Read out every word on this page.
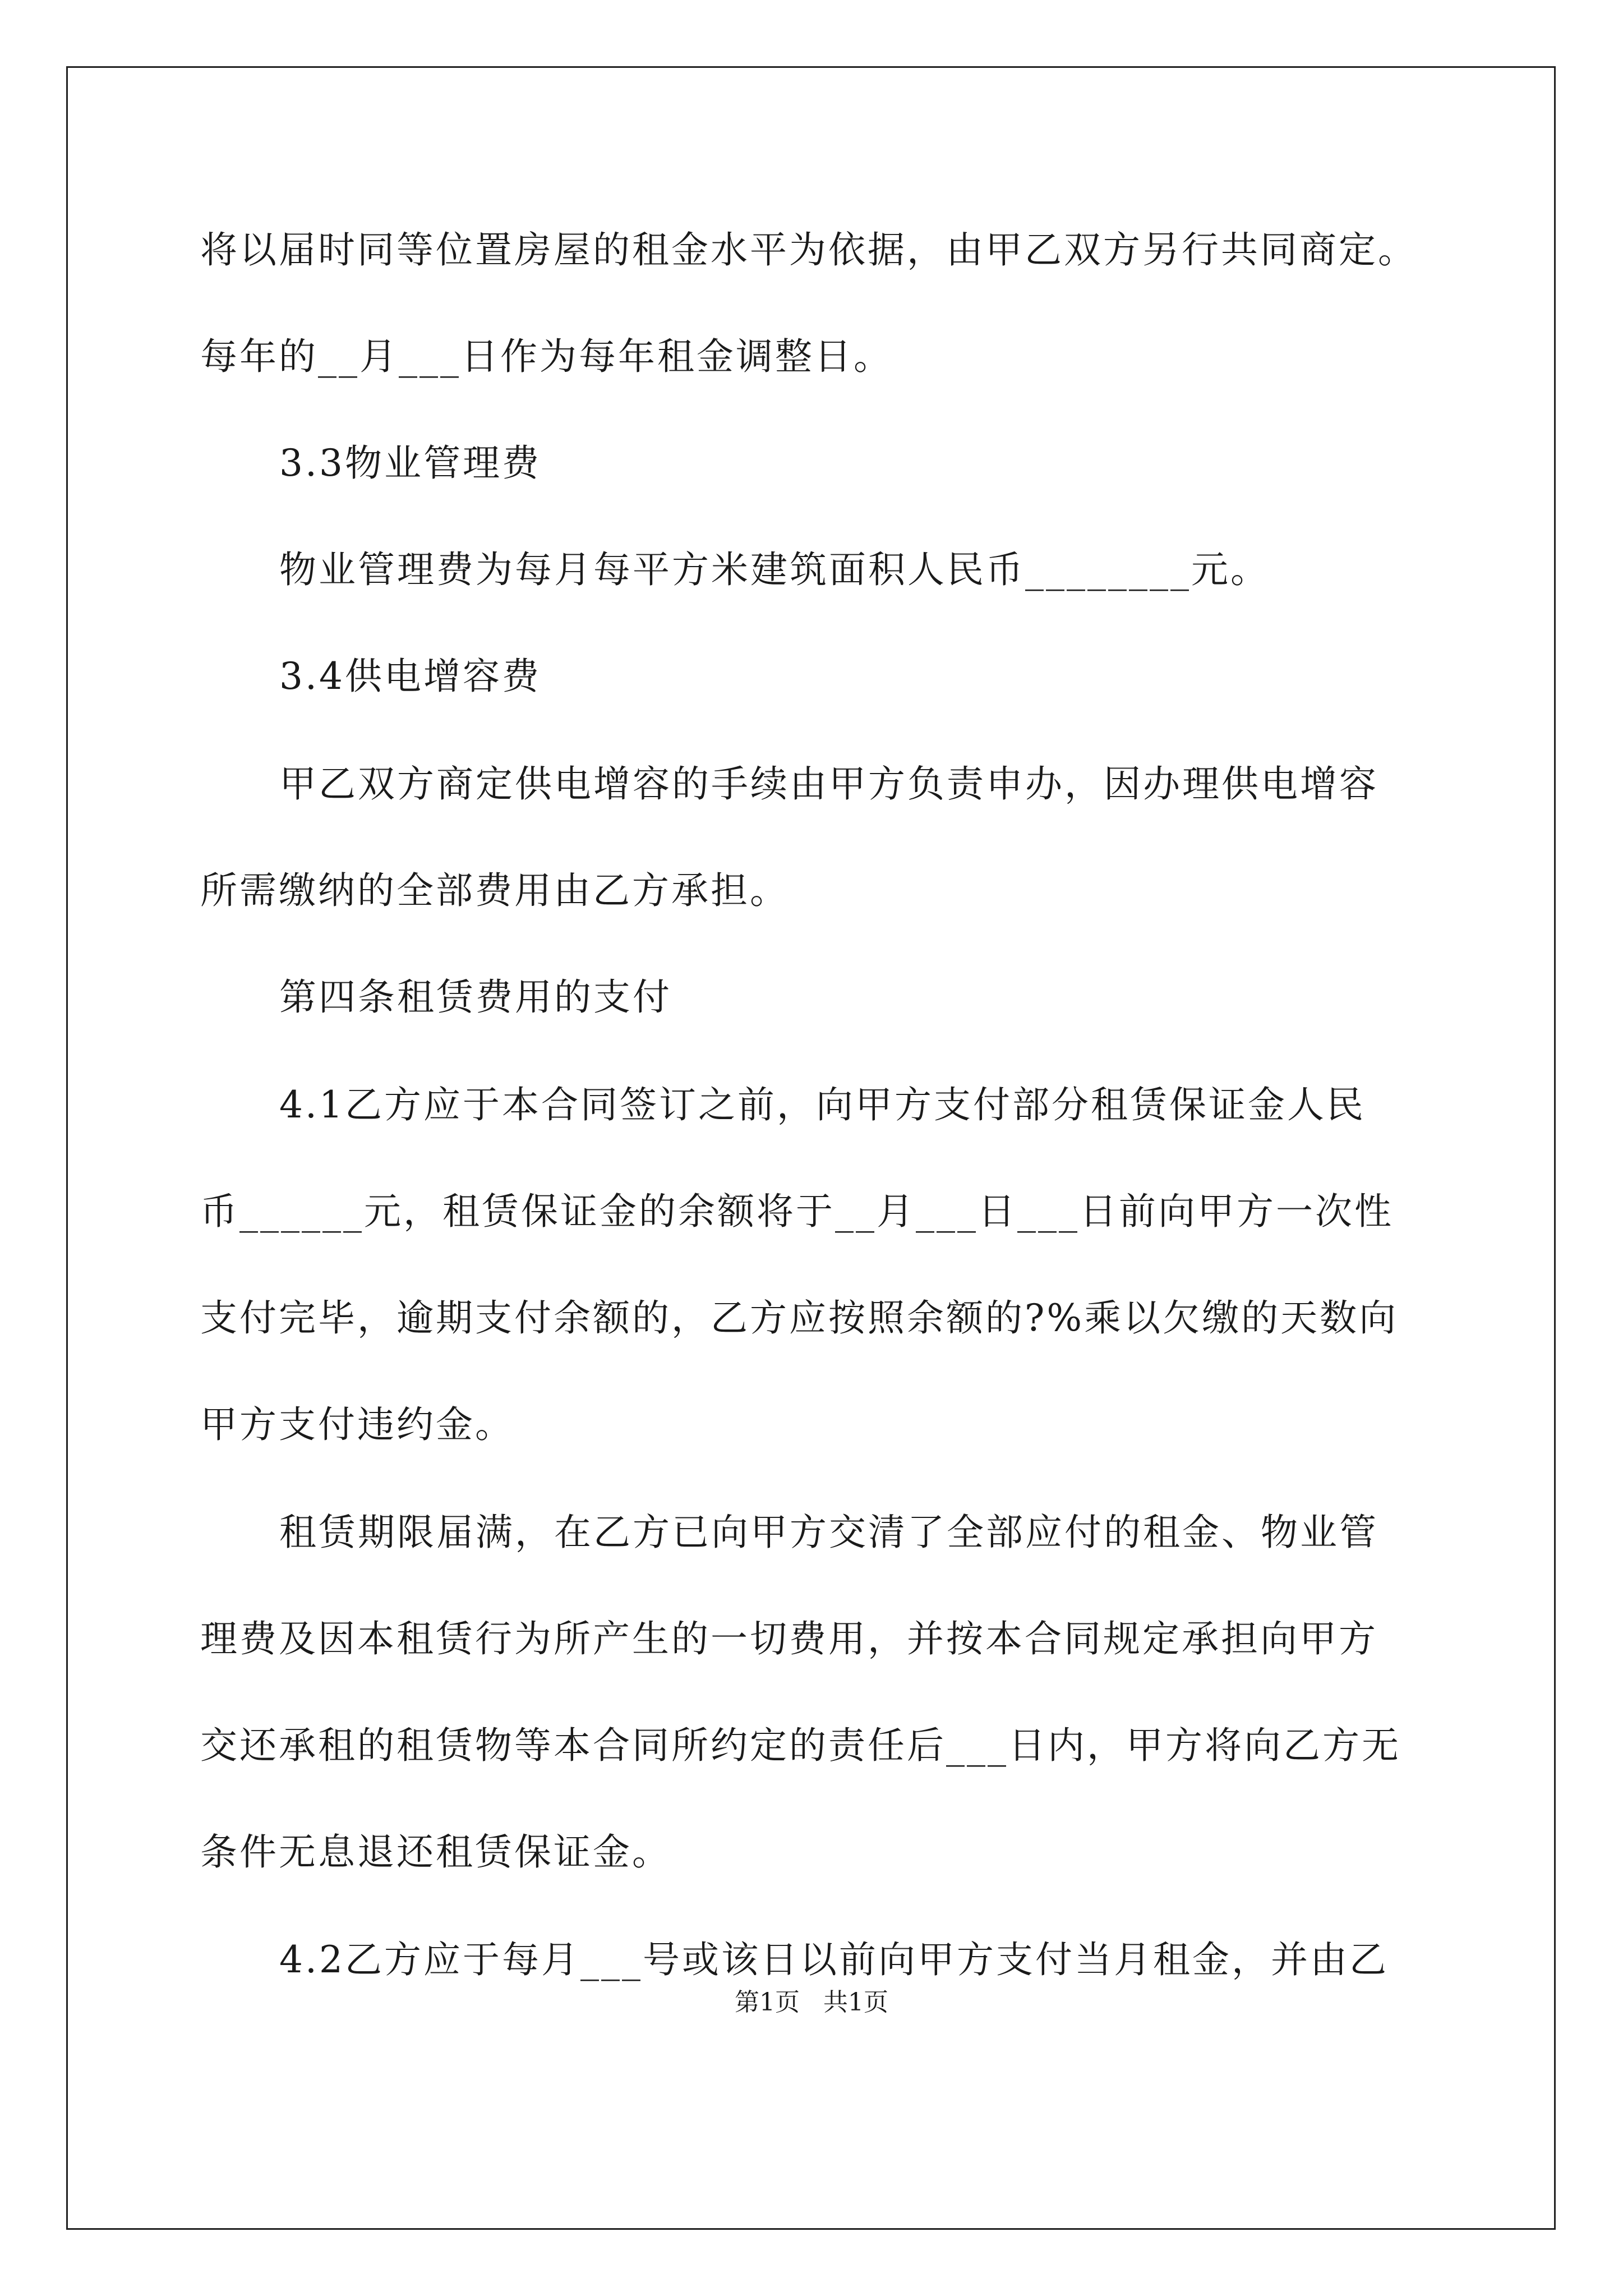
将以届时同等位置房屋的租金水平为依据，由甲乙双方另行共同商定。
每年的__月___日作为每年租金调整日。
3.3物业管理费
物业管理费为每月每平方米建筑面积人民币________元。
3.4供电增容费
甲乙双方商定供电增容的手续由甲方负责申办，因办理供电增容
所需缴纳的全部费用由乙方承担。
第四条租赁费用的支付
4.1乙方应于本合同签订之前，向甲方支付部分租赁保证金人民
币______元，租赁保证金的余额将于__月___日___日前向甲方一次性
支付完毕，逾期支付余额的，乙方应按照余额的?%乘以欠缴的天数向
甲方支付违约金。
租赁期限届满，在乙方已向甲方交清了全部应付的租金、物业管
理费及因本租赁行为所产生的一切费用，并按本合同规定承担向甲方
交还承租的租赁物等本合同所约定的责任后___日内，甲方将向乙方无
条件无息退还租赁保证金。
4.2乙方应于每月___号或该日以前向甲方支付当月租金，并由乙
第1页   共1页
